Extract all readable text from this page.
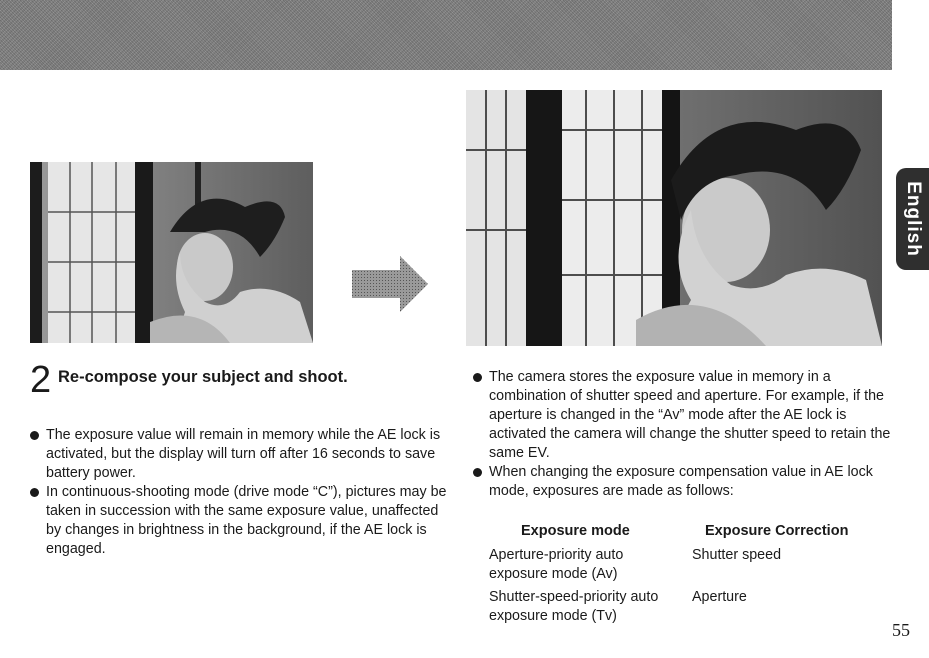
English
2 Re-compose your subject and shoot.
The exposure value will remain in memory while the AE lock is activated, but the display will turn off after 16 seconds to save battery power.
In continuous-shooting mode (drive mode “C”), pictures may be taken in succession with the same exposure value, unaffected by changes in brightness in the background, if the AE lock is engaged.
The camera stores the exposure value in memory in a combination of shutter speed and aperture. For example, if the aperture is changed in the “Av” mode after the AE lock is activated the camera will change the shutter speed to retain the same EV.
When changing the exposure compensation value in AE lock mode, exposures are made as follows:
Exposure mode	Exposure Correction
Aperture-priority auto exposure mode (Av)
Shutter speed
Shutter-speed-priority auto exposure mode (Tv)
Aperture
55
